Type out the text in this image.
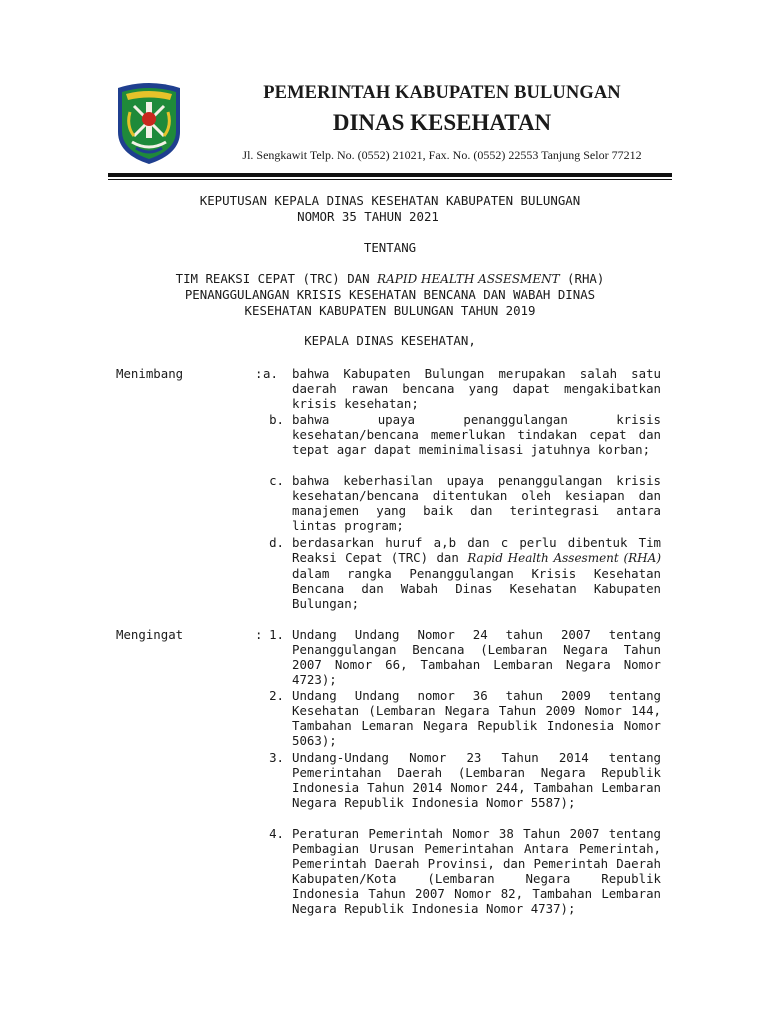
PEMERINTAH KABUPATEN BULUNGAN
DINAS KESEHATAN
Jl. Sengkawit Telp. No. (0552) 21021, Fax. No. (0552) 22553 Tanjung Selor 77212
KEPUTUSAN KEPALA DINAS KESEHATAN KABUPATEN BULUNGAN
NOMOR 35 TAHUN 2021
TENTANG
TIM REAKSI CEPAT (TRC) DAN RAPID HEALTH ASSESMENT (RHA)
PENANGGULANGAN KRISIS KESEHATAN BENCANA DAN WABAH DINAS
KESEHATAN KABUPATEN BULUNGAN TAHUN 2019
KEPALA DINAS KESEHATAN,
Menimbang	: a.	bahwa Kabupaten Bulungan merupakan salah satu daerah rawan bencana yang dapat mengakibatkan krisis kesehatan;

b. bahwa upaya penanggulangan krisis kesehatan/bencana memerlukan tindakan cepat dan tepat agar dapat meminimalisasi jatuhnya korban;

c. bahwa keberhasilan upaya penanggulangan krisis kesehatan/bencana ditentukan oleh kesiapan dan manajemen yang baik dan terintegrasi antara lintas program;

d. berdasarkan huruf a,b dan c perlu dibentuk Tim Reaksi Cepat (TRC) dan Rapid Health Assesment (RHA) dalam rangka Penanggulangan Krisis Kesehatan Bencana dan Wabah Dinas Kesehatan Kabupaten Bulungan;

Mengingat	: 1. Undang Undang Nomor 24 tahun 2007 tentang Penanggulangan Bencana (Lembaran Negara Tahun 2007 Nomor 66, Tambahan Lembaran Negara Nomor 4723);

2. Undang Undang nomor 36 tahun 2009 tentang Kesehatan (Lembaran Negara Tahun 2009 Nomor 144, Tambahan Lemaran Negara Republik Indonesia Nomor 5063);

3. Undang-Undang Nomor 23 Tahun 2014 tentang Pemerintahan Daerah (Lembaran Negara Republik Indonesia Tahun 2014 Nomor 244, Tambahan Lembaran Negara Republik Indonesia Nomor 5587);

4. Peraturan Pemerintah Nomor 38 Tahun 2007 tentang Pembagian Urusan Pemerintahan Antara Pemerintah, Pemerintah Daerah Provinsi, dan Pemerintah Daerah Kabupaten/Kota (Lembaran Negara Republik Indonesia Tahun 2007 Nomor 82, Tambahan Lembaran Negara Republik Indonesia Nomor 4737);
